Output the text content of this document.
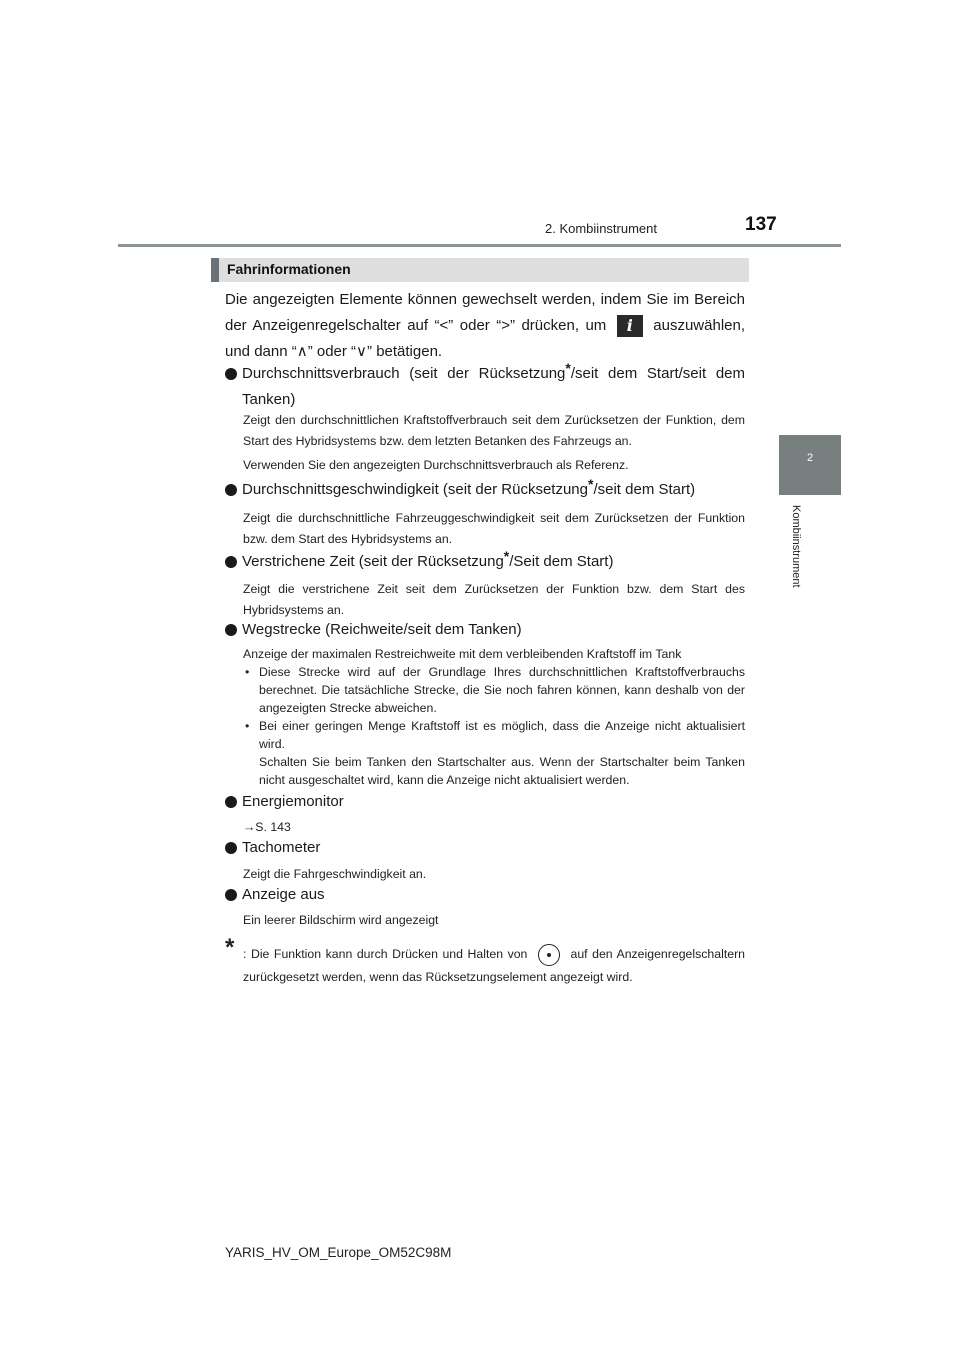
2. Kombiinstrument	137
2
Kombiinstrument
Fahrinformationen
Die angezeigten Elemente können gewechselt werden, indem Sie im Bereich der Anzeigenregelschalter auf “<” oder “>” drücken, um i auszuwählen, und dann “∧” oder “∨” betätigen.
Durchschnittsverbrauch (seit der Rücksetzung*/seit dem Start/seit dem Tanken)
Zeigt den durchschnittlichen Kraftstoffverbrauch seit dem Zurücksetzen der Funktion, dem Start des Hybridsystems bzw. dem letzten Betanken des Fahrzeugs an.
Verwenden Sie den angezeigten Durchschnittsverbrauch als Referenz.
Durchschnittsgeschwindigkeit (seit der Rücksetzung*/seit dem Start)
Zeigt die durchschnittliche Fahrzeuggeschwindigkeit seit dem Zurücksetzen der Funktion bzw. dem Start des Hybridsystems an.
Verstrichene Zeit (seit der Rücksetzung*/Seit dem Start)
Zeigt die verstrichene Zeit seit dem Zurücksetzen der Funktion bzw. dem Start des Hybridsystems an.
Wegstrecke (Reichweite/seit dem Tanken)
Anzeige der maximalen Restreichweite mit dem verbleibenden Kraftstoff im Tank
• Diese Strecke wird auf der Grundlage Ihres durchschnittlichen Kraftstoffverbrauchs berechnet. Die tatsächliche Strecke, die Sie noch fahren können, kann deshalb von der angezeigten Strecke abweichen.
• Bei einer geringen Menge Kraftstoff ist es möglich, dass die Anzeige nicht aktualisiert wird.
Schalten Sie beim Tanken den Startschalter aus. Wenn der Startschalter beim Tanken nicht ausgeschaltet wird, kann die Anzeige nicht aktualisiert werden.
Energiemonitor
→S. 143
Tachometer
Zeigt die Fahrgeschwindigkeit an.
Anzeige aus
Ein leerer Bildschirm wird angezeigt
* : Die Funktion kann durch Drücken und Halten von	auf den Anzeigenregelschaltern zurückgesetzt werden, wenn das Rücksetzungselement angezeigt wird.
YARIS_HV_OM_Europe_OM52C98M
